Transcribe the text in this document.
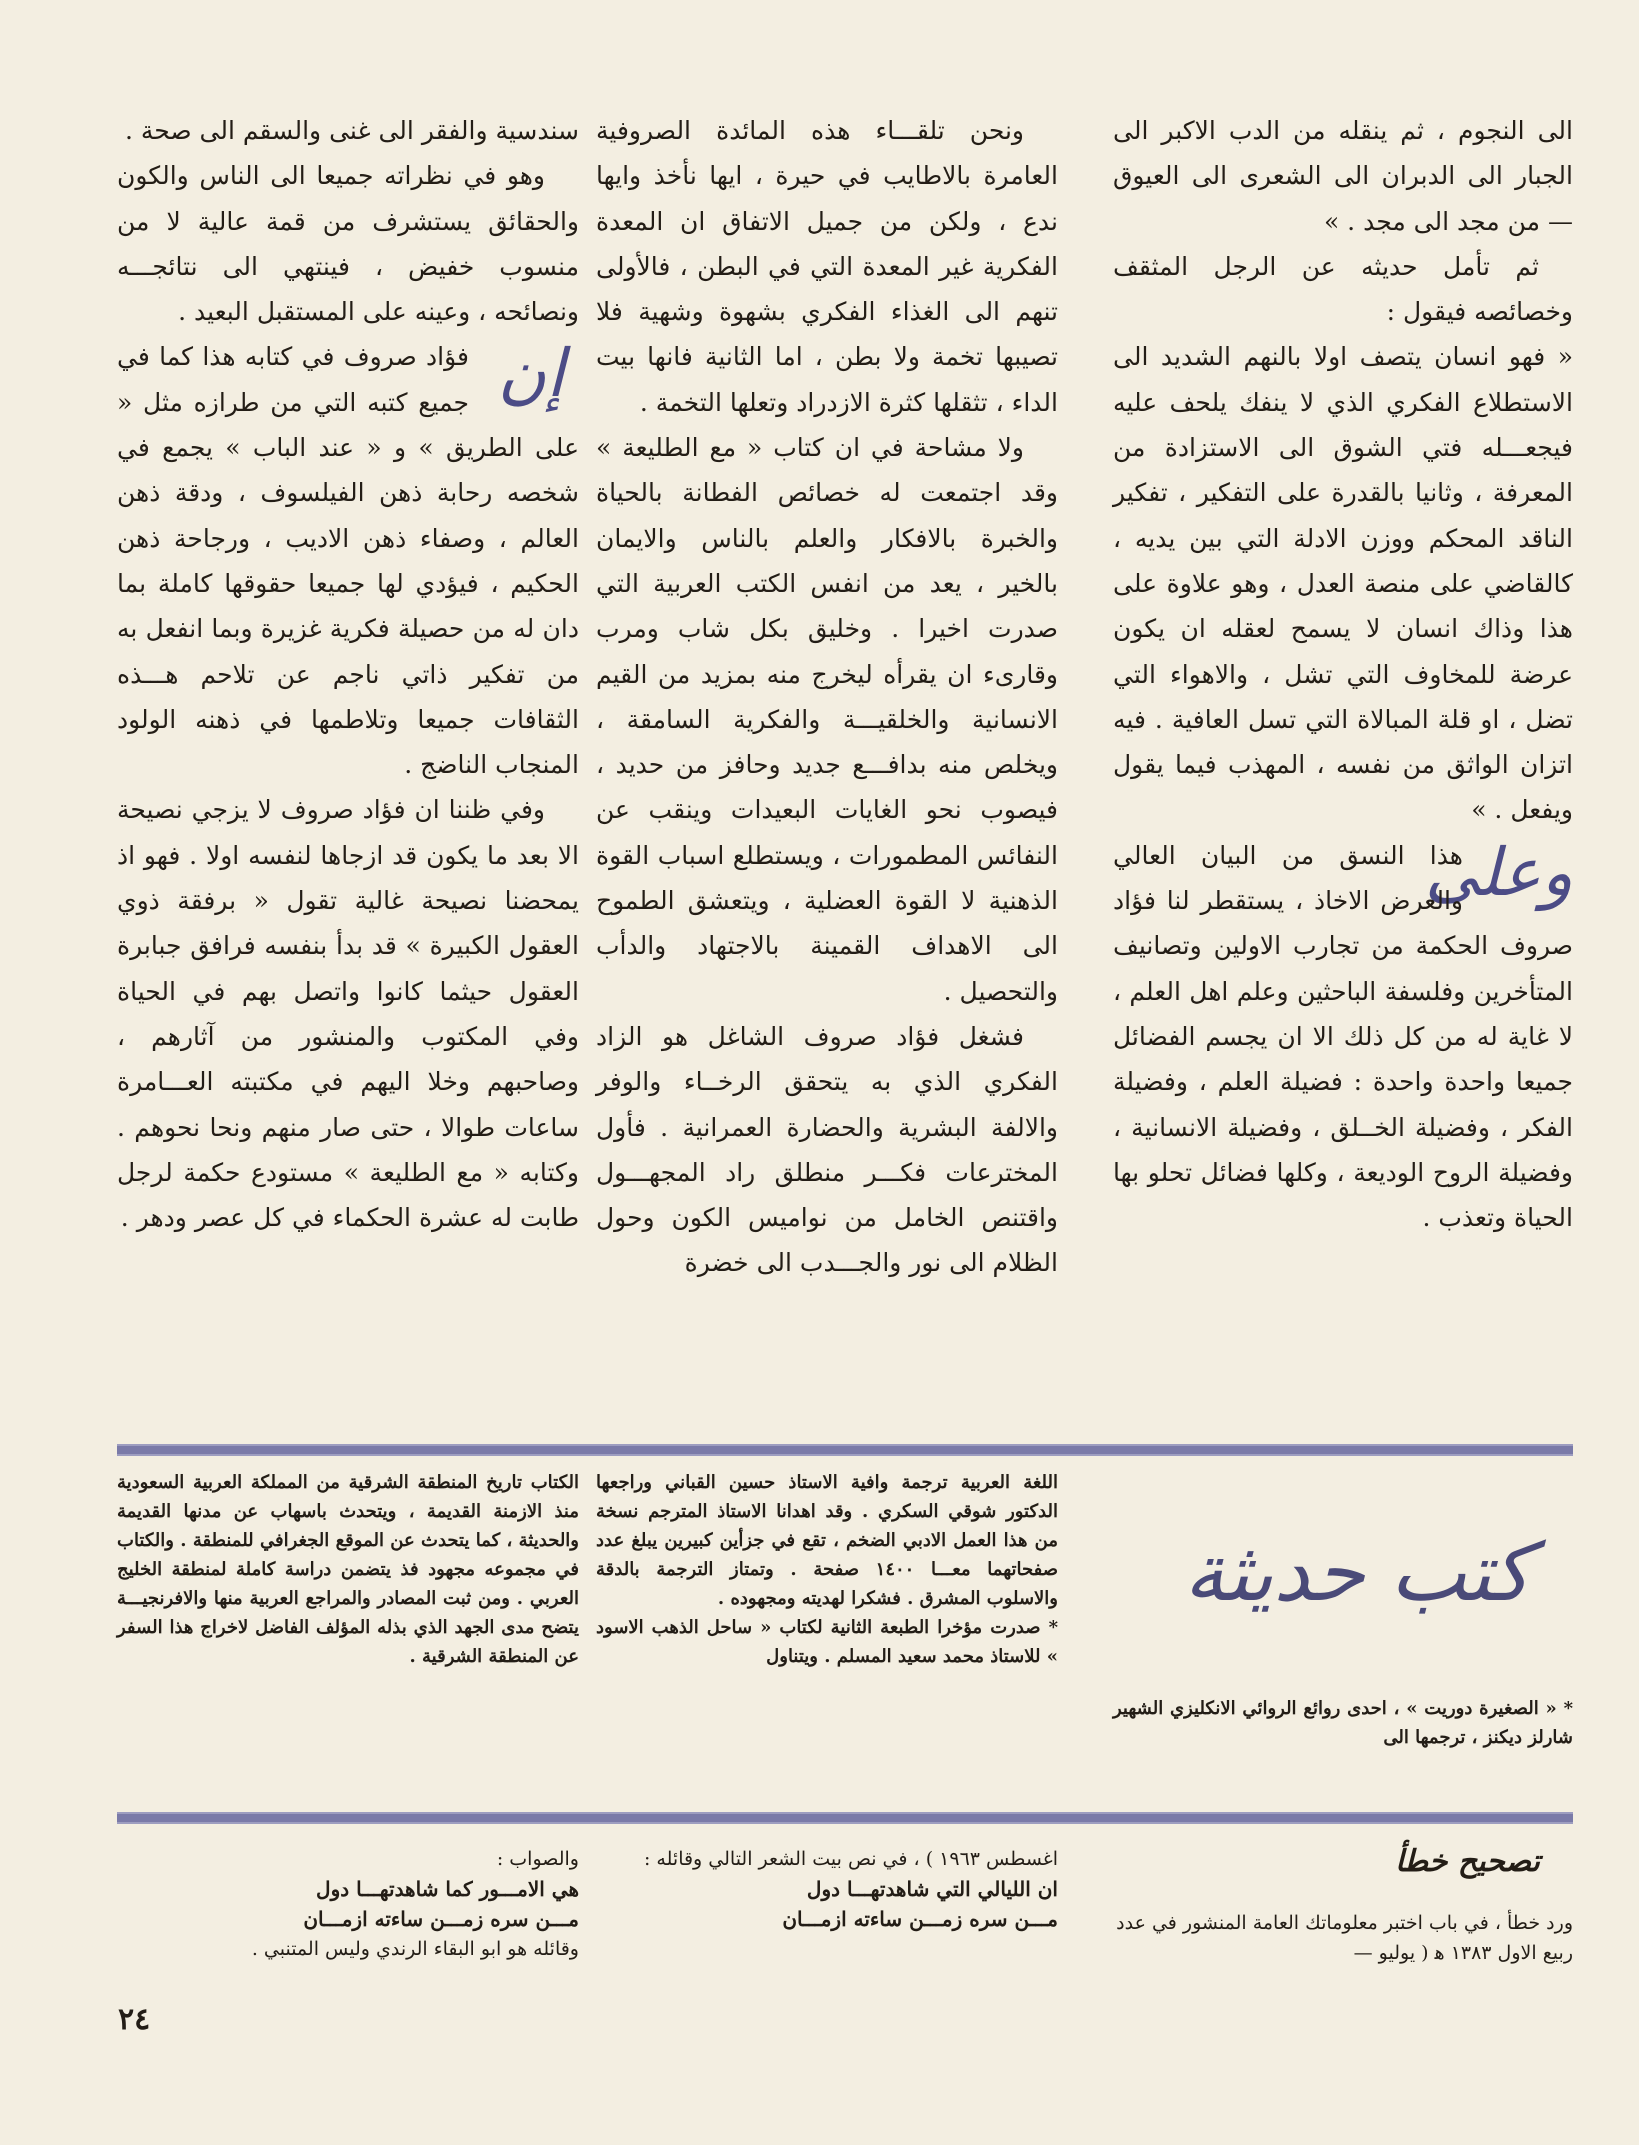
الى النجوم ، ثم ينقله من الدب الاكبر الى الجبار الى الدبران الى الشعرى الى العيوق — من مجد الى مجد . »

ثم تأمل حديثه عن الرجل المثقف وخصائصه فيقول :

« فهو انسان يتصف اولا بالنهم الشديد الى الاستطلاع الفكري الذي لا ينفك يلحف عليه فيجعـــله فتي الشوق الى الاستزادة من المعرفة ، وثانيا بالقدرة على التفكير ، تفكير الناقد المحكم ووزن الادلة التي بين يديه ، كالقاضي على منصة العدل ، وهو علاوة على هذا وذاك انسان لا يسمح لعقله ان يكون عرضة للمخاوف التي تشل ، والاهواء التي تضل ، او قلة المبالاة التي تسل العافية . فيه اتزان الواثق من نفسه ، المهذب فيما يقول ويفعل . »

وعلى
هذا النسق من البيان العالي والعرض الاخاذ ، يستقطر لنا فؤاد صروف الحكمة من تجارب الاولين وتصانيف المتأخرين وفلسفة الباحثين وعلم اهل العلم ، لا غاية له من كل ذلك الا ان يجسم الفضائل جميعا واحدة واحدة : فضيلة العلم ، وفضيلة الفكر ، وفضيلة الخــلق ، وفضيلة الانسانية ، وفضيلة الروح الوديعة ، وكلها فضائل تحلو بها الحياة وتعذب .

ونحن تلقـــاء هذه المائدة الصروفية العامرة بالاطايب في حيرة ، ايها نأخذ وايها ندع ، ولكن من جميل الاتفاق ان المعدة الفكرية غير المعدة التي في البطن ، فالأولى تنهم الى الغذاء الفكري بشهوة وشهية فلا تصيبها تخمة ولا بطن ، اما الثانية فانها بيت الداء ، تثقلها كثرة الازدراد وتعلها التخمة .

ولا مشاحة في ان كتاب « مع الطليعة » وقد اجتمعت له خصائص الفطانة بالحياة والخبرة بالافكار والعلم بالناس والايمان بالخير ، يعد من انفس الكتب العربية التي صدرت اخيرا . وخليق بكل شاب ومرب وقارىء ان يقرأه ليخرج منه بمزيد من القيم الانسانية والخلقيـــة والفكرية السامقة ، ويخلص منه بدافـــع جديد وحافز من حديد ، فيصوب نحو الغايات البعيدات وينقب عن النفائس المطمورات ، ويستطلع اسباب القوة الذهنية لا القوة العضلية ، ويتعشق الطموح الى الاهداف القمينة بالاجتهاد والدأب والتحصيل .

فشغل فؤاد صروف الشاغل هو الزاد الفكري الذي به يتحقق الرخــاء والوفر والالفة البشرية والحضارة العمرانية . فأول المخترعات فكـــر منطلق راد المجهـــول واقتنص الخامل من نواميس الكون وحول الظلام الى نور والجـــدب الى خضرة

سندسية والفقر الى غنى والسقم الى صحة .

وهو في نظراته جميعا الى الناس والكون والحقائق يستشرف من قمة عالية لا من منسوب خفيض ، فينتهي الى نتائجـــه ونصائحه ، وعينه على المستقبل البعيد .

إن
فؤاد صروف في كتابه هذا كما في جميع كتبه التي من طرازه مثل « على الطريق » و « عند الباب » يجمع في شخصه رحابة ذهن الفيلسوف ، ودقة ذهن العالم ، وصفاء ذهن الاديب ، ورجاحة ذهن الحكيم ، فيؤدي لها جميعا حقوقها كاملة بما دان له من حصيلة فكرية غزيرة وبما انفعل به من تفكير ذاتي ناجم عن تلاحم هـــذه الثقافات جميعا وتلاطمها في ذهنه الولود المنجاب الناضج .

وفي ظننا ان فؤاد صروف لا يزجي نصيحة الا بعد ما يكون قد ازجاها لنفسه اولا . فهو اذ يمحضنا نصيحة غالية تقول « برفقة ذوي العقول الكبيرة » قد بدأ بنفسه فرافق جبابرة العقول حيثما كانوا واتصل بهم في الحياة وفي المكتوب والمنشور من آثارهم ، وصاحبهم وخلا اليهم في مكتبته العـــامرة ساعات طوالا ، حتى صار منهم ونحا نحوهم . وكتابه « مع الطليعة » مستودع حكمة لرجل طابت له عشرة الحكماء في كل عصر ودهر .

كتب حديثة

* « الصغيرة دوريت » ، احدى روائع الروائي الانكليزي الشهير شارلز ديكنز ، ترجمها الى

اللغة العربية ترجمة وافية الاستاذ حسين القباني وراجعها الدكتور شوقي السكري . وقد اهدانا الاستاذ المترجم نسخة من هذا العمل الادبي الضخم ، تقع في جزأين كبيرين يبلغ عدد صفحاتهما معـــا ١٤٠٠ صفحة . وتمتاز الترجمة بالدقة والاسلوب المشرق . فشكرا لهديته ومجهوده .

* صدرت مؤخرا الطبعة الثانية لكتاب « ساحل الذهب الاسود » للاستاذ محمد سعيد المسلم . ويتناول

الكتاب تاريخ المنطقة الشرقية من المملكة العربية السعودية منذ الازمنة القديمة ، ويتحدث باسهاب عن مدنها القديمة والحديثة ، كما يتحدث عن الموقع الجغرافي للمنطقة . والكتاب في مجموعه مجهود فذ يتضمن دراسة كاملة لمنطقة الخليج العربي . ومن ثبت المصادر والمراجع العربية منها والافرنجيـــة يتضح مدى الجهد الذي بذله المؤلف الفاضل لاخراج هذا السفر عن المنطقة الشرقية .

تصحيح خطأ

ورد خطأ ، في باب اختبر معلوماتك العامة المنشور في عدد ربيع الاول ١٣٨٣ ﻫ ( يوليو —

اغسطس ١٩٦٣ ) ، في نص بيت الشعر التالي وقائله :

ان الليالي التي شاهدتهـــا دول

مـــن سره زمـــن ساءته ازمـــان

والصواب :

هي الامـــور كما شاهدتهـــا دول

مـــن سره زمـــن ساءته ازمـــان

وقائله هو ابو البقاء الرندي وليس المتنبي .

٢٤
